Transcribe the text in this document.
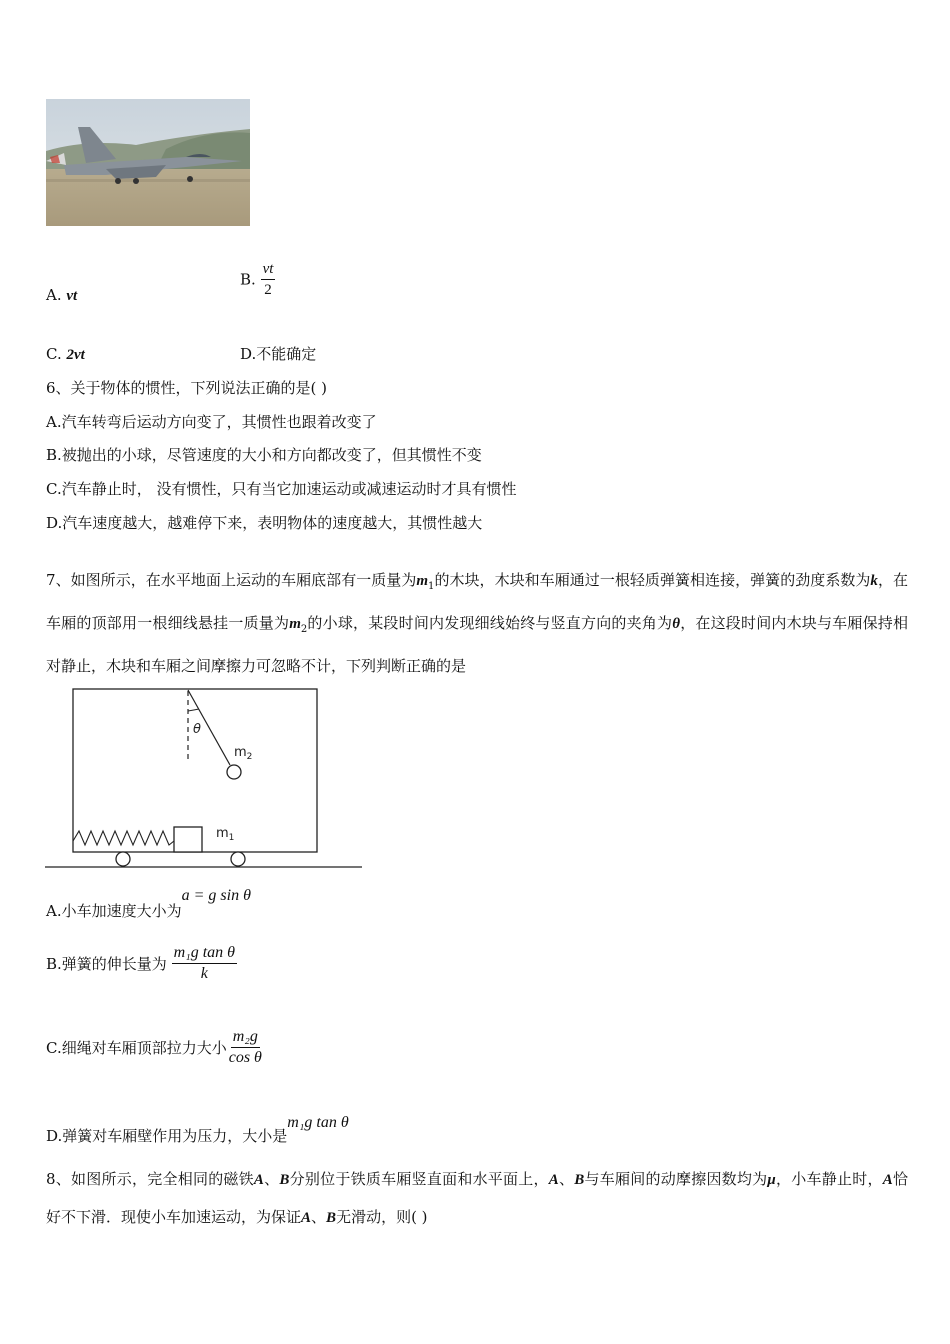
A. vt
B. $\frac{vt}{2}$
C. 2vt	D.不能确定
6、关于物体的惯性，下列说法正确的是( )
A.汽车转弯后运动方向变了，其惯性也跟着改变了
B.被抛出的小球，尽管速度的大小和方向都改变了，但其惯性不变
C.汽车静止时， 没有惯性，只有当它加速运动或减速运动时才具有惯性
D.汽车速度越大，越难停下来，表明物体的速度越大，其惯性越大
7、如图所示，在水平地面上运动的车厢底部有一质量为$m_1$的木块，木块和车厢通过一根轻质弹簧相连接，弹簧的劲度系数为k，在车厢的顶部用一根细线悬挂一质量为$m_2$的小球，某段时间内发现细线始终与竖直方向的夹角为θ，在这段时间内木块与车厢保持相对静止，木块和车厢之间摩擦力可忽略不计，下列判断正确的是
θ
$m_2$
$m_1$
A.小车加速度大小为a = g sin θ
B.弹簧的伸长量为 $\frac{\text{m₁g tan θ}}{k}$
C.细绳对车厢顶部拉力大小 $\frac{\text{m₂g}}{\text{cos θ}}$
D.弹簧对车厢壁作用为压力，大小是m₁g tan θ
8、如图所示，完全相同的磁铁A、B分别位于铁质车厢竖直面和水平面上，A、B与车厢间的动摩擦因数均为μ，小车静止时，A恰好不下滑．现使小车加速运动，为保证A、B无滑动，则( )
